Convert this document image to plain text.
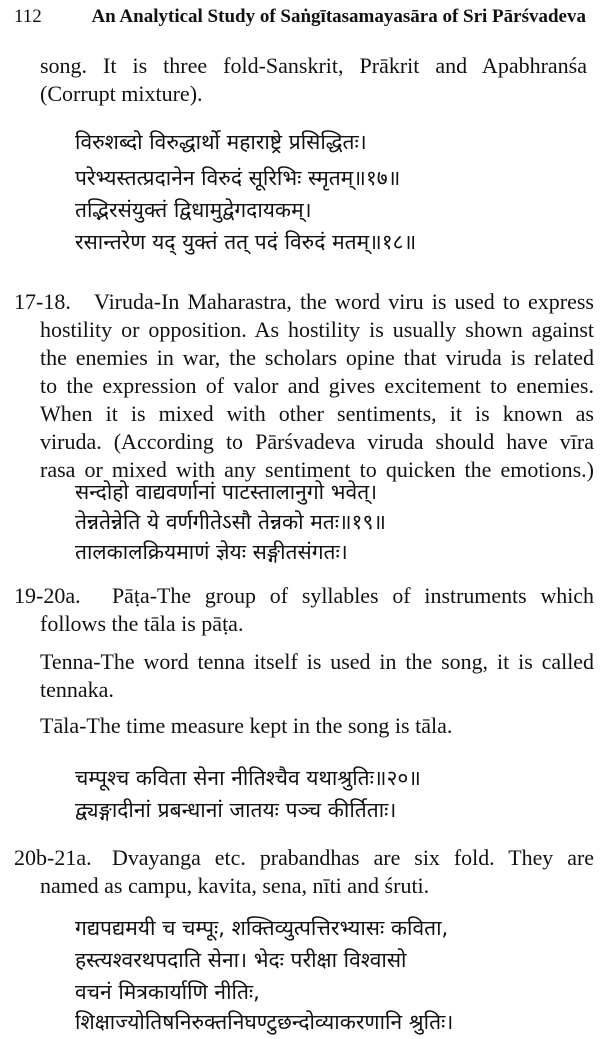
112	An Analytical Study of Saṅgītasamayasāra of Sri Pārśvadeva
song. It is three fold-Sanskrit, Prākrit and Apabhranśa
(Corrupt mixture).
विरुशब्दो विरुद्धार्थो महाराष्ट्रे प्रसिद्धितः।
परेभ्यस्तत्प्रदानेन विरुदं सूरिभिः स्मृतम्॥१७॥
तद्भिरसंयुक्तं द्विधामुद्वेगदायकम्।
रसान्तरेण यद् युक्तं तत् पदं विरुदं मतम्॥१८॥
17-18. Viruda-In Maharastra, the word viru is used to express
hostility or opposition. As hostility is usually shown against
the enemies in war, the scholars opine that viruda is related
to the expression of valor and gives excitement to enemies.
When it is mixed with other sentiments, it is known as
viruda. (According to Pārśvadeva viruda should have vīra
rasa or mixed with any sentiment to quicken the emotions.)
सन्दोहो वाद्यवर्णानां पाटस्तालानुगो भवेत्।
तेन्नतेन्नेति ये वर्णगीतेऽसौ तेन्नको मतः॥१९॥
तालकालक्रियमाणं ज्ञेयः सङ्गीतसंगतः।
19-20a. Pāṭa-The group of syllables of instruments which
follows the tāla is pāṭa.
Tenna-The word tenna itself is used in the song, it is called
tennaka.
Tāla-The time measure kept in the song is tāla.
चम्पूश्च कविता सेना नीतिश्चैव यथाश्रुतिः॥२०॥
द्व्यङ्गादीनां प्रबन्धानां जातयः पञ्च कीर्तिताः।
20b-21a. Dvayanga etc. prabandhas are six fold. They are
named as campu, kavita, sena, nīti and śruti.
गद्यपद्यमयी च चम्पूः, शक्तिव्युत्पत्तिरभ्यासः कविता,
हस्त्यश्वरथपदाति सेना। भेदः परीक्षा विश्वासो
वचनं मित्रकार्याणि नीतिः,
शिक्षाज्योतिषनिरुक्तनिघण्टुछन्दोव्याकरणानि श्रुतिः।
